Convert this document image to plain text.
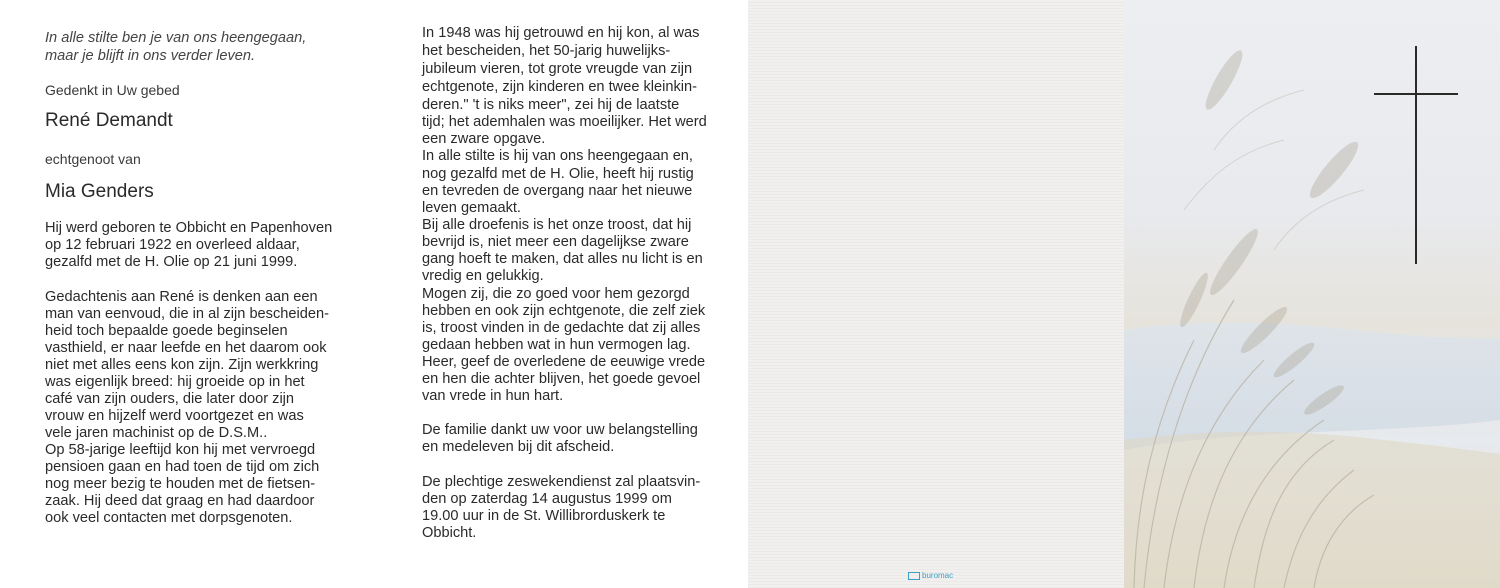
In alle stilte ben je van ons heengegaan,

maar je blijft in ons verder leven.

Gedenkt in Uw gebed

René Demandt

echtgenoot van

Mia Genders

Hij werd geboren te Obbicht en Papenhoven

op 12 februari 1922 en overleed aldaar,

gezalfd met de H. Olie op 21 juni 1999.

Gedachtenis aan René is denken aan een

man van eenvoud, die in al zijn bescheiden-

heid toch bepaalde goede beginselen

vasthield, er naar leefde en het daarom ook

niet met alles eens kon zijn. Zijn werkkring

was eigenlijk breed: hij groeide op in het

café van zijn ouders, die later door zijn

vrouw en hijzelf werd voortgezet en was

vele jaren machinist op de D.S.M..

Op 58-jarige leeftijd kon hij met vervroegd

pensioen gaan en had toen de tijd om zich

nog meer bezig te houden met de fietsen-

zaak. Hij deed dat graag en had daardoor

ook veel contacten met dorpsgenoten.

In 1948 was hij getrouwd en hij kon, al was

het bescheiden, het 50-jarig huwelijks-

jubileum vieren, tot grote vreugde van zijn

echtgenote, zijn kinderen en twee kleinkin-

deren." 't is niks meer", zei hij de laatste

tijd; het ademhalen was moeilijker. Het werd

een zware opgave.

In alle stilte is hij van ons heengegaan en,

nog gezalfd met de H. Olie, heeft hij rustig

en tevreden de overgang naar het nieuwe

leven gemaakt.

Bij alle droefenis is het onze troost, dat hij

bevrijd is, niet meer een dagelijkse zware

gang hoeft te maken, dat alles nu licht is en

vredig en gelukkig.

Mogen zij, die zo goed voor hem gezorgd

hebben en ook zijn echtgenote, die zelf ziek

is, troost vinden in de gedachte dat zij alles

gedaan hebben wat in hun vermogen lag.

Heer, geef de overledene de eeuwige vrede

en hen die achter blijven, het goede gevoel

van vrede in hun hart.

De familie dankt uw voor uw belangstelling

en medeleven bij dit afscheid.

De plechtige zeswekendienst zal plaatsvin-

den op zaterdag 14 augustus 1999 om

19.00 uur in de St. Willibrorduskerk te

Obbicht.

buromac
